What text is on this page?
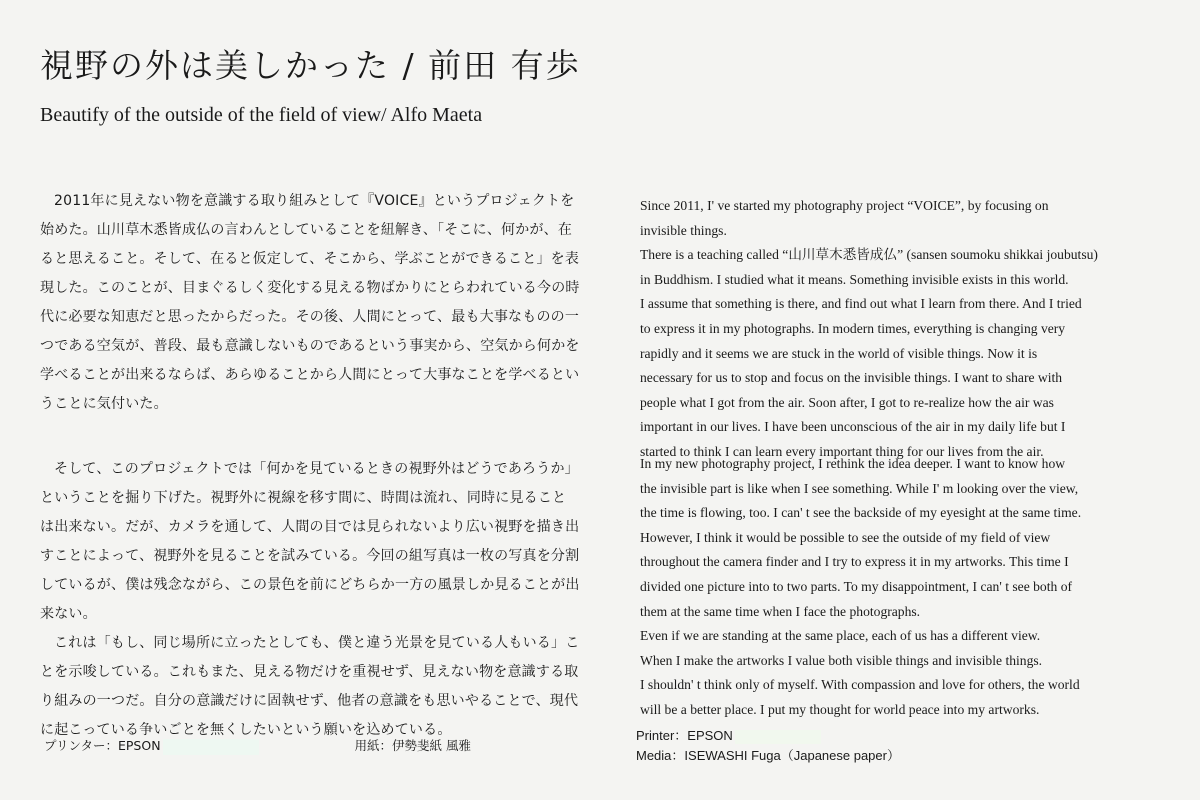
視野の外は美しかった / 前田 有歩
Beautify of the outside of the field of view/ Alfo Maeta

2011年に見えない物を意識する取り組みとして『VOICE』というプロジェクトを始めた。山川草木悉皆成仏の言わんとしていることを紐解き、「そこに、何かが、在ると思えること。そして、在ると仮定して、そこから、学ぶことができること」を表現した。このことが、目まぐるしく変化する見える物ばかりにとらわれている今の時代に必要な知恵だと思ったからだった。その後、人間にとって、最も大事なものの一つである空気が、普段、最も意識しないものであるという事実から、空気から何かを学べることが出来るならば、あらゆることから人間にとって大事なことを学べるということに気付いた。

そして、このプロジェクトでは「何かを見ているときの視野外はどうであろうか」ということを掘り下げた。視野外に視線を移す間に、時間は流れ、同時に見ることは出来ない。だが、カメラを通して、人間の目では見られないより広い視野を描き出すことによって、視野外を見ることを試みている。今回の組写真は一枚の写真を分割しているが、僕は残念ながら、この景色を前にどちらか一方の風景しか見ることが出来ない。

これは「もし、同じ場所に立ったとしても、僕と違う光景を見ている人もいる」ことを示唆している。これもまた、見える物だけを重視せず、見えない物を意識する取り組みの一つだ。自分の意識だけに固執せず、他者の意識をも思いやることで、現代に起こっている争いごとを無くしたいという願いを込めている。

Since 2011, I' ve started my photography project “VOICE”, by focusing on
invisible things.
There is a teaching called “山川草木悉皆成仏” (sansen soumoku shikkai joubutsu)
in Buddhism. I studied what it means. Something invisible exists in this world.
I assume that something is there, and find out what I learn from there. And I tried
to express it in my photographs. In modern times, everything is changing very
rapidly and it seems we are stuck in the world of visible things. Now it is
necessary for us to stop and focus on the invisible things. I want to share with
people what I got from the air. Soon after, I got to re-realize how the air was
important in our lives. I have been unconscious of the air in my daily life but I
started to think I can learn every important thing for our lives from the air.
In my new photography project, I rethink the idea deeper. I want to know how
the invisible part is like when I see something. While I' m looking over the view,
the time is flowing, too. I can' t see the backside of my eyesight at the same time.
However, I think it would be possible to see the outside of my field of view
throughout the camera finder and I try to express it in my artworks. This time I
divided one picture into to two parts. To my disappointment, I can' t see both of
them at the same time when I face the photographs.
Even if we are standing at the same place, each of us has a different view.
When I make the artworks I value both visible things and invisible things.
I shouldn' t think only of myself. With compassion and love for others, the world
will be a better place. I put my thought for world peace into my artworks.
プリンター：EPSON	用紙：伊勢斐紙 風雅
Printer：EPSON
Media：ISEWASHI Fuga（Japanese paper）
